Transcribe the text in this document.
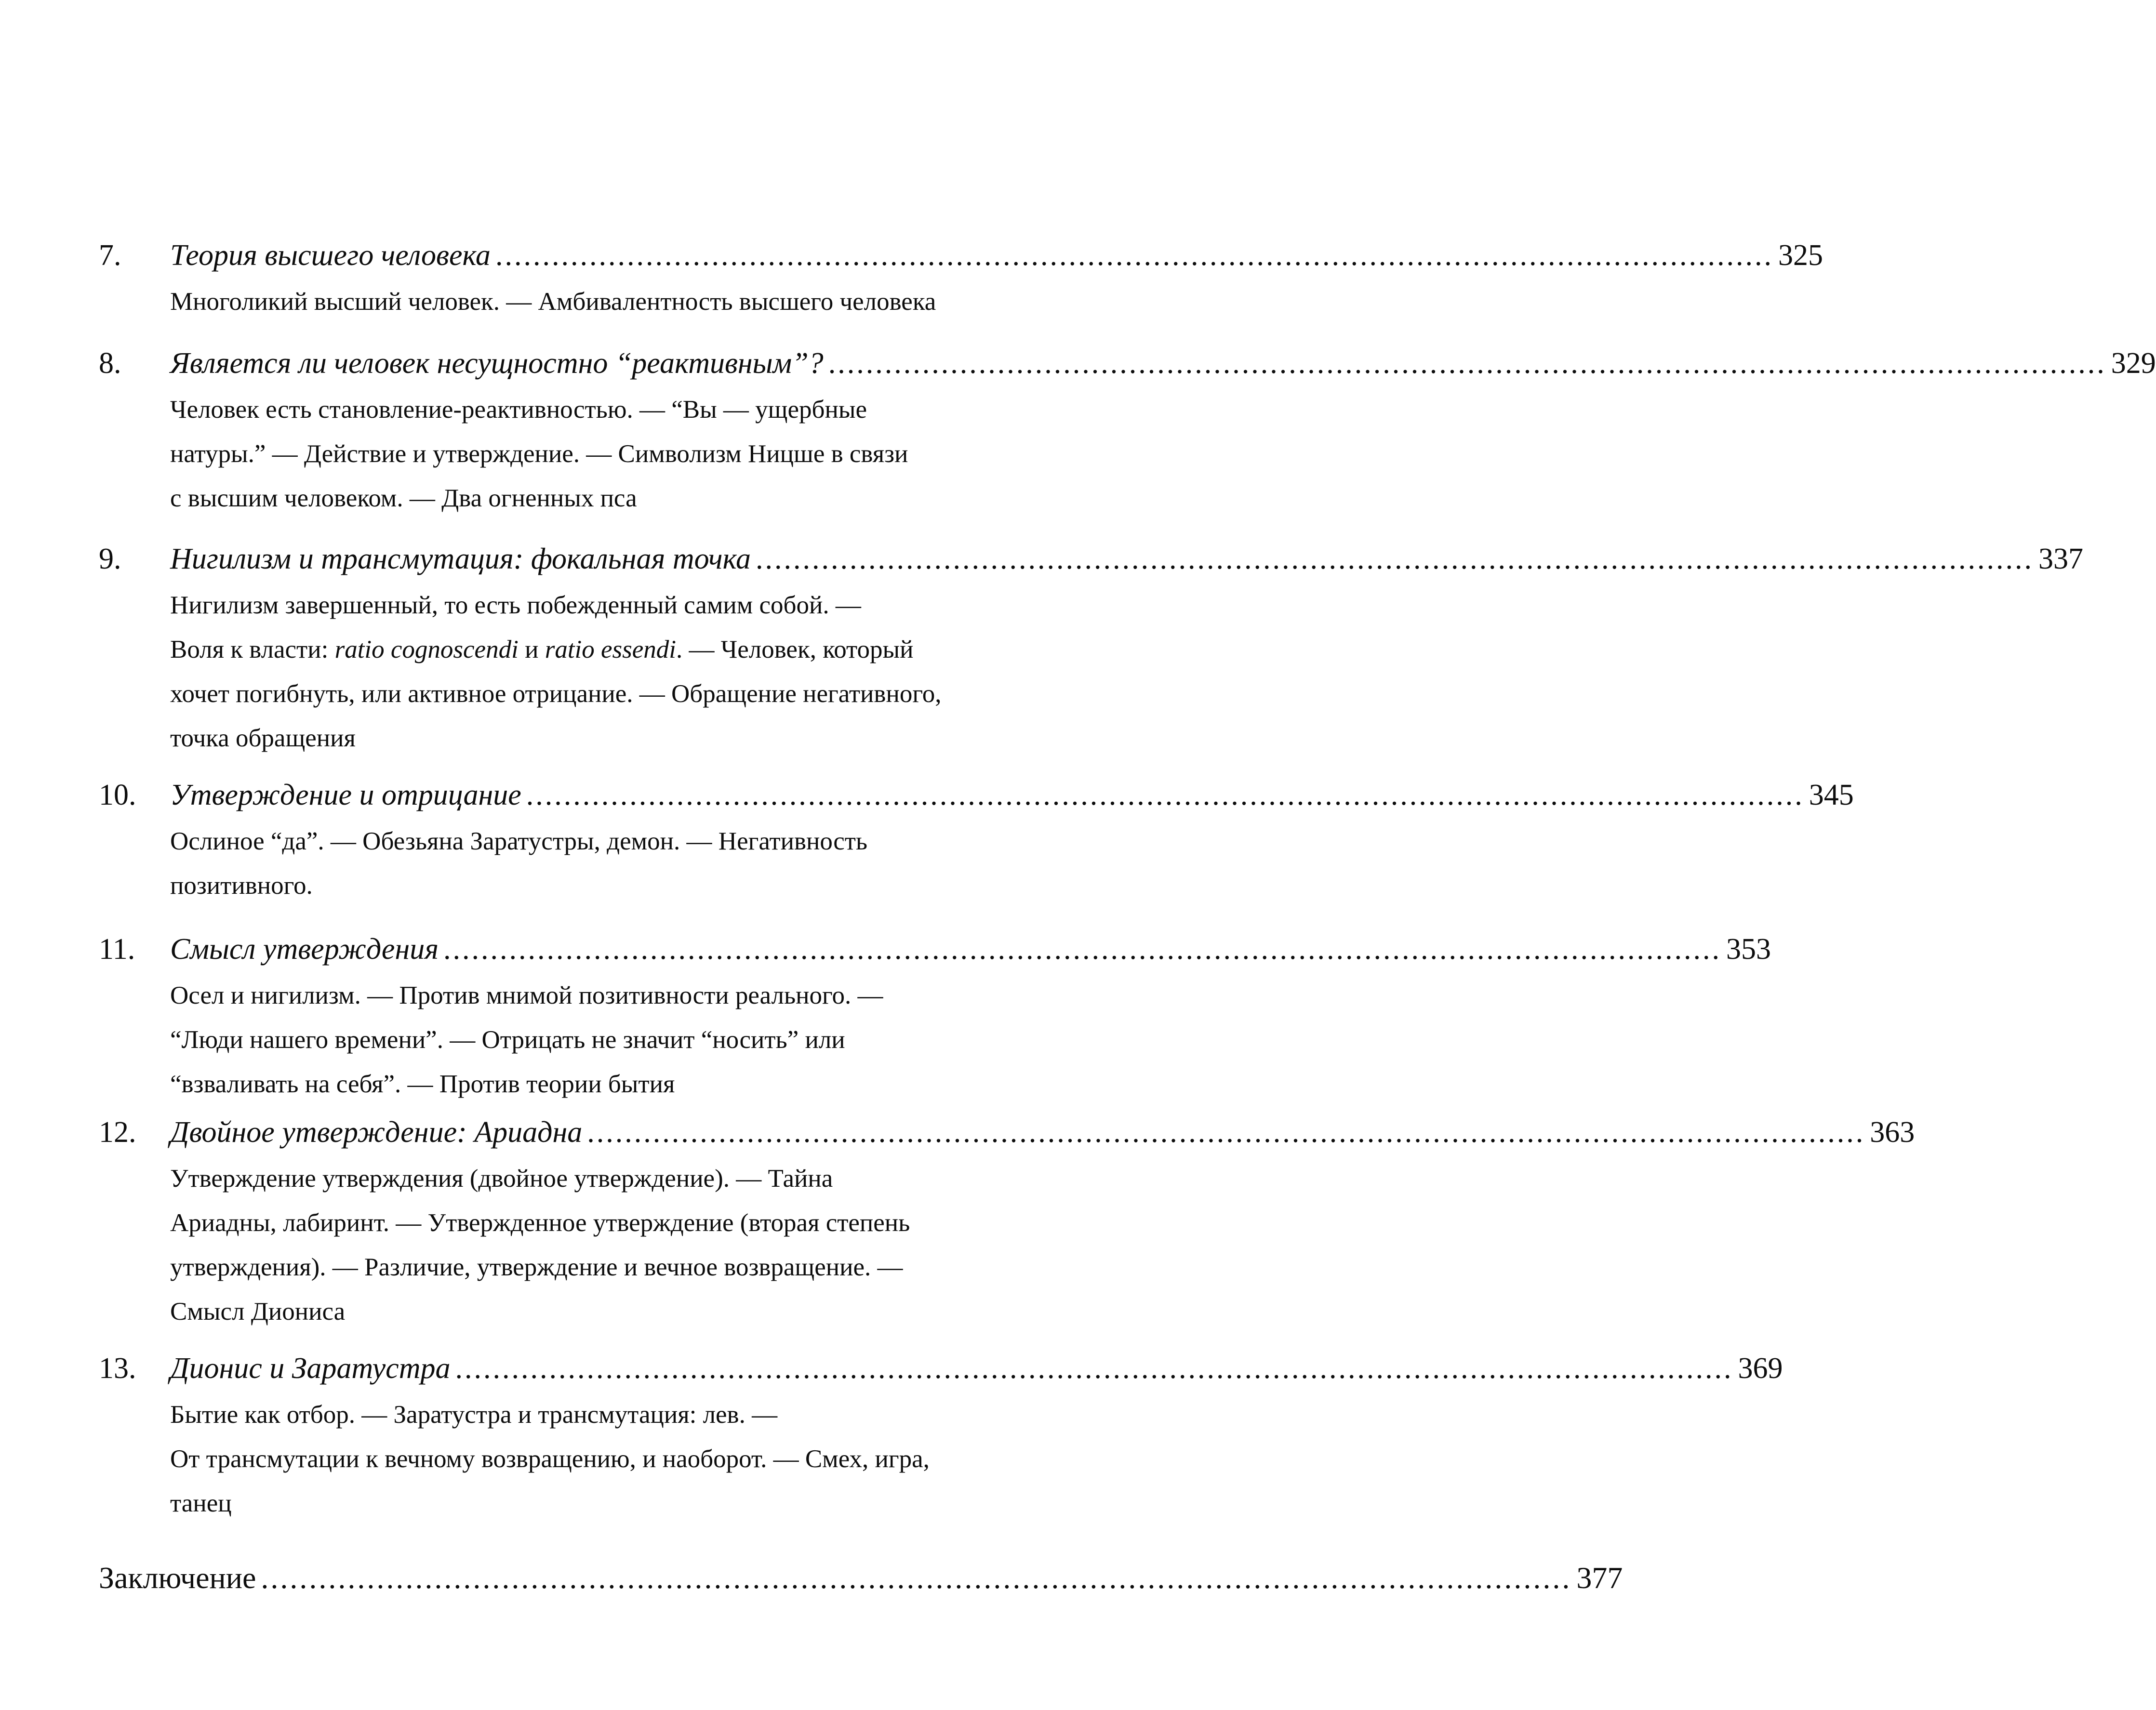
7.	Теория высшего человека ........................................................................................................................................ 325
Многоликий высший человек. — Амбивалентность высшего человека
8.	Является ли человек несущностно “реактивным”? ........................................................................................................................................ 329
Человек есть становление-реактивностью. — “Вы — ущербные
натуры.” — Действие и утверждение. — Символизм Ницше в связи
с высшим человеком. — Два огненных пса
9.	Нигилизм и трансмутация: фокальная точка ........................................................................................................................................ 337
Нигилизм завершенный, то есть побежденный самим собой. —
Воля к власти: ratio cognoscendi и ratio essendi. — Человек, который
хочет погибнуть, или активное отрицание. — Обращение негативного,
точка обращения
10.	Утверждение и отрицание ........................................................................................................................................ 345
Ослиное “да”. — Обезьяна Заратустры, демон. — Негативность
позитивного.
11.	Смысл утверждения ........................................................................................................................................ 353
Осел и нигилизм. — Против мнимой позитивности реального. —
“Люди нашего времени”. — Отрицать не значит “носить” или
“взваливать на себя”. — Против теории бытия
12.	Двойное утверждение: Ариадна ........................................................................................................................................ 363
Утверждение утверждения (двойное утверждение). — Тайна
Ариадны, лабиринт. — Утвержденное утверждение (вторая степень
утверждения). — Различие, утверждение и вечное возвращение. —
Смысл Диониса
13.	Дионис и Заратустра ........................................................................................................................................ 369
Бытие как отбор. — Заратустра и трансмутация: лев. —
От трансмутации к вечному возвращению, и наоборот. — Смех, игра,
танец
Заключение ........................................................................................................................................ 377
